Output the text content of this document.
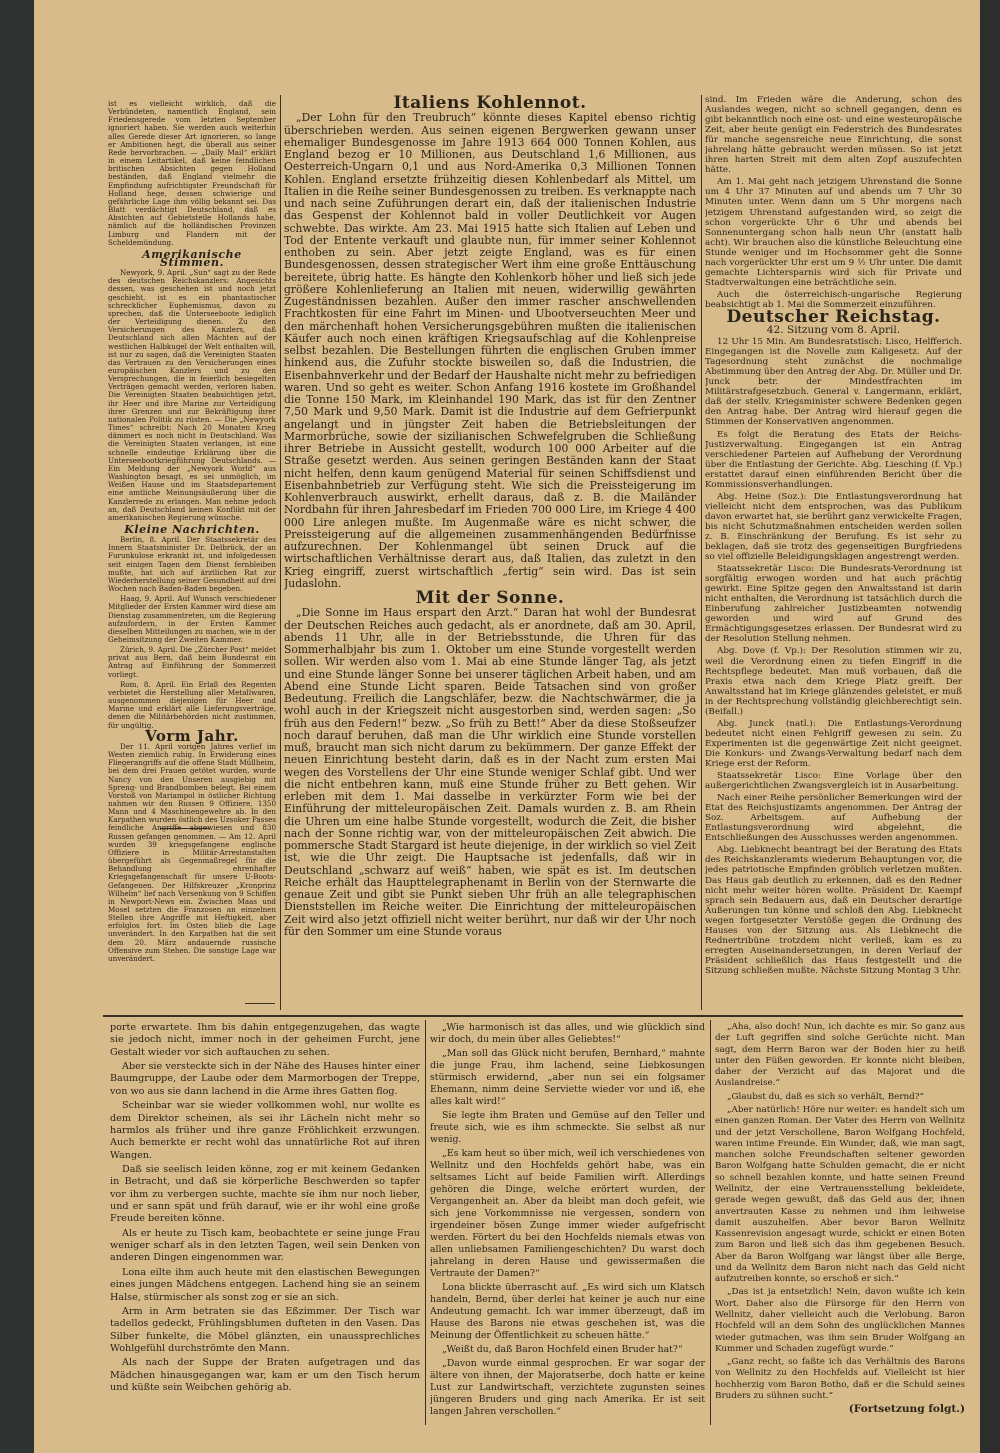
ist es vielleicht wirklich, daß die Verbündeten, namentlich England, sein Friedensgerede vom letzten September ignoriert haben. Sie werden auch weiterhin alles Gerede dieser Art ignorieren, so lange er Ambitionen hegt, die überall aus seiner Rede hervorbrachen. — „Daily Mail“ erklärt in einem Leitartikel, daß keine feindlichen britischen Absichten gegen Holland beständen, daß England vielmehr die Empfindung aufrichtigster Freundschaft für Holland hege, dessen schwierige und gefährliche Lage ihm völlig bekannt sei. Das Blatt verdächtigt Deutschland, daß es Absichten auf Gebietsteile Hollands habe, nämlich auf die holländischen Provinzen Limburg und Flandern mit der Scheldemündung.

Amerikanische Stimmen.

Newyork, 9. April. „Sun“ sagt zu der Rede des deutschen Reichskanzlers: Angesichts dessen, was geschehen ist und noch jetzt geschieht, ist es ein phantastischer schrecklicher Euphemismus, davon zu sprechen, daß die Unterseeboote lediglich der Verteidigung dienen. Zu den Versicherungen des Kanzlers, daß Deutschland sich allen Mächten auf der westlichen Halbkugel der Welt enthalten will, ist nur zu sagen, daß die Vereinigten Staaten das Vertrauen zu den Versicherungen eines europäischen Kanzlers und zu den Versprechungen, die in feierlich besiegelten Verträgen gemacht werden, verloren haben. Die Vereinigten Staaten beabsichtigen jetzt, ihr Heer und ihre Marine zur Verteidigung ihrer Grenzen und zur Bekräftigung ihrer nationalen Politik zu rüsten. — Die „Newyork Times“ schreibt: Nach 20 Monaten Krieg dämmert es noch nicht in Deutschland. Was die Vereinigten Staaten verlangen, ist eine schnelle eindeutige Erklärung über die Unterseebootkriegführung Deutschlands. — Ein Meldung der „Newyork World“ aus Washington besagt, es sei unmöglich, im Weißen Hause und im Staatsdepartement eine amtliche Meinungsäußerung über die Kanzlerrede zu erlangen. Man nehme jedoch an, daß Deutschland keinen Konflikt mit der amerikanischen Regierung wünsche.

Kleine Nachrichten.

Berlin, 8. April. Der Staatssekretär des Innern Staatsminister Dr. Delbrück, der an Furunkulose erkrankt ist, und infolgedessen seit einigen Tagen dem Dienst fernbleiben mußte, hat sich auf ärztlichen Rat zur Wiederherstellung seiner Gesundheit auf drei Wochen nach Baden-Baden begeben.

Haag, 9. April. Auf Wunsch verschiedener Mitglieder der Ersten Kammer wird diese am Dienstag zusammentreten, um die Regierung aufzufordern, in der Ersten Kammer dieselben Mitteilungen zu machen, wie in der Geheimsitzung der Zweiten Kammer.

Zürich, 9. April. Die „Zürcher Post“ meldet privat aus Bern, daß beim Bundesrat ein Antrag auf Einführung der Sommerzeit vorliegt.

Rom, 8. April. Ein Erlaß des Regenten verbietet die Herstellung aller Metallwaren, ausgenommen diejenigen für Heer und Marine und erklärt alle Lieferungsverträge, denen die Militärbehörden nicht zustimmen, für ungültig.

Vorm Jahr.

Der 11. April vorigen Jahres verlief im Westen ziemlich ruhig. In Erwiderung eines Fliegerangriffs auf die offene Stadt Müllheim, bei dem drei Frauen getötet wurden, wurde Nancy von den Unseren ausgiebig mit Spreng- und Brandbomben belegt. Bei einem Vorstoß von Mariampol in östlicher Richtung nahmen wir den Russen 9 Offiziere, 1350 Mann und 4 Maschinengewehre ab. In den Karpathen wurden östlich des Uzsoker Passes feindliche Angriffe abgewiesen und 830 Russen gefangen genommen. — Am 12. April wurden 39 kriegsgefangene englische Offiziere in Militär-Arrestanstalten übergeführt als Gegenmaßregel für die Behandlung ehrenhafter Kriegsgefangenschaft für unsere U-Boots-Gefangenen. Der Hilfskreuzer „Kronprinz Wilhelm“ lief nach Versenkung von 9 Schiffen in Newport-News ein. Zwischen Maas und Mosel setzten die Franzosen an einzelnen Stellen ihre Angriffe mit Heftigkeit, aber erfolglos fort. Im Osten blieb die Lage unverändert. In den Karpathen hat die seit dem 20. März andauernde russische Offensive zum Stehen. Die sonstige Lage war unverändert.

Italiens Kohlennot.

„Der Lohn für den Treubruch“ könnte dieses Kapitel ebenso richtig überschrieben werden. Aus seinen eigenen Bergwerken gewann unser ehemaliger Bundesgenosse im Jahre 1913 664 000 Tonnen Kohlen, aus England bezog er 10 Millionen, aus Deutschland 1,6 Millionen, aus Oesterreich-Ungarn 0,1 und aus Nord-Amerika 0,3 Millionen Tonnen Kohlen. England ersetzte frühzeitig diesen Kohlenbedarf als Mittel, um Italien in die Reihe seiner Bundesgenossen zu treiben. Es verknappte nach und nach seine Zuführungen derart ein, daß der italienischen Industrie das Gespenst der Kohlennot bald in voller Deutlichkeit vor Augen schwebte. Das wirkte. Am 23. Mai 1915 hatte sich Italien auf Leben und Tod der Entente verkauft und glaubte nun, für immer seiner Kohlennot enthoben zu sein. Aber jetzt zeigte England, was es für einen Bundesgenossen, dessen strategischer Wert ihm eine große Enttäuschung bereitete, übrig hatte. Es hängte den Kohlenkorb höher und ließ sich jede größere Kohlenlieferung an Italien mit neuen, widerwillig gewährten Zugeständnissen bezahlen. Außer den immer rascher anschwellenden Frachtkosten für eine Fahrt im Minen- und Ubootverseuchten Meer und den märchenhaft hohen Versicherungsgebühren mußten die italienischen Käufer auch noch einen kräftigen Kriegsaufschlag auf die Kohlenpreise selbst bezahlen. Die Bestellungen führten die englischen Gruben immer hinkend aus, die Zufuhr stockte bisweilen so, daß die Industrien, die Eisenbahnverkehr und der Bedarf der Haushalte nicht mehr zu befriedigen waren. Und so geht es weiter. Schon Anfang 1916 kostete im Großhandel die Tonne 150 Mark, im Kleinhandel 190 Mark, das ist für den Zentner 7,50 Mark und 9,50 Mark. Damit ist die Industrie auf dem Gefrierpunkt angelangt und in jüngster Zeit haben die Betriebsleitungen der Marmorbrüche, sowie der sizilianischen Schwefelgruben die Schließung ihrer Betriebe in Aussicht gestellt, wodurch 100 000 Arbeiter auf die Straße gesetzt werden. Aus seinen geringen Beständen kann der Staat nicht helfen, denn kaum genügend Material für seinen Schiffsdienst und Eisenbahnbetrieb zur Verfügung steht. Wie sich die Preissteigerung im Kohlenverbrauch auswirkt, erhellt daraus, daß z. B. die Mailänder Nordbahn für ihren Jahresbedarf im Frieden 700 000 Lire, im Kriege 4 400 000 Lire anlegen mußte. Im Augenmaße wäre es nicht schwer, die Preissteigerung auf die allgemeinen zusammenhängenden Bedürfnisse aufzurechnen. Der Kohlenmangel übt seinen Druck auf die wirtschaftlichen Verhältnisse derart aus, daß Italien, das zuletzt in den Krieg eingriff, zuerst wirtschaftlich „fertig“ sein wird. Das ist sein Judaslohn.

Mit der Sonne.

„Die Sonne im Haus erspart den Arzt.“ Daran hat wohl der Bundesrat der Deutschen Reiches auch gedacht, als er anordnete, daß am 30. April, abends 11 Uhr, alle in der Betriebsstunde, die Uhren für das Sommerhalbjahr bis zum 1. Oktober um eine Stunde vorgestellt werden sollen. Wir werden also vom 1. Mai ab eine Stunde länger Tag, als jetzt und eine Stunde länger Sonne bei unserer täglichen Arbeit haben, und am Abend eine Stunde Licht sparen. Beide Tatsachen sind von großer Bedeutung. Freilich die Langschläfer, bezw. die Nachtschwärmer, die ja wohl auch in der Kriegszeit nicht ausgestorben sind, werden sagen: „So früh aus den Federn!“ bezw. „So früh zu Bett!“ Aber da diese Stoßseufzer noch darauf beruhen, daß man die Uhr wirklich eine Stunde vorstellen muß, braucht man sich nicht darum zu bekümmern. Der ganze Effekt der neuen Einrichtung besteht darin, daß es in der Nacht zum ersten Mai wegen des Vorstellens der Uhr eine Stunde weniger Schlaf gibt. Und wer die nicht entbehren kann, muß eine Stunde früher zu Bett gehen. Wir erleben mit dem 1. Mai dasselbe in verkürzter Form wie bei der Einführung der mitteleuropäischen Zeit. Damals wurden z. B. am Rhein die Uhren um eine halbe Stunde vorgestellt, wodurch die Zeit, die bisher nach der Sonne richtig war, von der mitteleuropäischen Zeit abwich. Die pommersche Stadt Stargard ist heute diejenige, in der wirklich so viel Zeit ist, wie die Uhr zeigt. Die Hauptsache ist jedenfalls, daß wir in Deutschland „schwarz auf weiß“ haben, wie spät es ist. Im deutschen Reiche erhält das Haupttelegraphenamt in Berlin von der Sternwarte die genaue Zeit und gibt sie Punkt sieben Uhr früh an alle telegraphischen Dienststellen im Reiche weiter. Die Einrichtung der mitteleuropäischen Zeit wird also jetzt offiziell nicht weiter berührt, nur daß wir der Uhr noch für den Sommer um eine Stunde voraus

sind. Im Frieden wäre die Änderung, schon des Auslandes wegen, nicht so schnell gegangen, denn es gibt bekanntlich noch eine ost- und eine westeuropäische Zeit, aber heute genügt ein Federstrich des Bundesrates für manche segensreiche neue Einrichtung, die sonst jahrelang hätte gebraucht werden müssen. So ist jetzt ihren harten Streit mit dem alten Zopf auszufechten hätte.

Am 1. Mai geht nach jetzigem Uhrenstand die Sonne um 4 Uhr 37 Minuten auf und abends um 7 Uhr 30 Minuten unter. Wenn dann um 5 Uhr morgens nach jetzigem Uhrenstand aufgestanden wird, so zeigt die schon vorgerückte Uhr 6 Uhr und abends bei Sonnenuntergang schon halb neun Uhr (anstatt halb acht). Wir brauchen also die künstliche Beleuchtung eine Stunde weniger und im Hochsommer geht die Sonne nach vorgerückter Uhr erst um 9 ½ Uhr unter. Die damit gemachte Lichtersparnis wird sich für Private und Stadtverwaltungen eine beträchtliche sein.

Auch die österreichisch-ungarische Regierung beabsichtigt ab 1. Mai die Sommerzeit einzuführen.

Deutscher Reichstag.
42. Sitzung vom 8. April.

12 Uhr 15 Min. Am Bundesratstisch: Lisco, Helfferich. Eingegangen ist die Novelle zum Kaligesetz. Auf der Tagesordnung steht zunächst die nochmalige Abstimmung über den Antrag der Abg. Dr. Müller und Dr. Junck betr. der Mindestfrachten im Militärstrafgesetzbuch. General v. Langermann, erklärt, daß der stellv. Kriegsminister schwere Bedenken gegen den Antrag habe. Der Antrag wird hierauf gegen die Stimmen der Konservativen angenommen.

Es folgt die Beratung des Etats der Reichs-Justizverwaltung. Eingegangen ist ein Antrag verschiedener Parteien auf Aufhebung der Verordnung über die Entlastung der Gerichte. Abg. Liesching (f. Vp.) erstattet darauf einen einführenden Bericht über die Kommissionsverhandlungen.

Abg. Heine (Soz.): Die Entlastungsverordnung hat vielleicht nicht dem entsprochen, was das Publikum davon erwartet hat, sie berührt ganz verwickelte Fragen, bis nicht Schutzmaßnahmen entscheiden werden sollen z. B. Einschränkung der Berufung. Es ist sehr zu beklagen, daß sie trotz des gegenseitigen Burgfriedens so viel offizielle Beleidigungsklagen angestrengt werden.

Staatssekretär Lisco: Die Bundesrats-Verordnung ist sorgfältig erwogen worden und hat auch prächtig gewirkt. Eine Spitze gegen den Anwaltsstand ist darin nicht enthalten, die Verordnung ist tatsächlich durch die Einberufung zahlreicher Justizbeamten notwendig geworden und wird auf Grund des Ermächtigungsgesetzes erlassen. Der Bundesrat wird zu der Resolution Stellung nehmen.

Abg. Dove (f. Vp.): Der Resolution stimmen wir zu, weil die Verordnung einen zu tiefen Eingriff in die Rechtspflege bedeutet. Man muß vorbauen, daß die Praxis etwa nach dem Kriege Platz greift. Der Anwaltsstand hat im Kriege glänzendes geleistet, er muß in der Rechtsprechung vollständig gleichberechtigt sein. (Beifall.)

Abg. Junck (natl.): Die Entlastungs-Verordnung bedeutet nicht einen Fehlgriff gewesen zu sein. Zu Experimenten ist die gegenwärtige Zeit nicht geeignet. Die Konkurs- und Zwangs-Verwaltung bedarf nach dem Kriege erst der Reform.

Staatssekretär Lisco: Eine Vorlage über den außergerichtlichen Zwangsvergleich ist in Ausarbeitung.

Nach einer Reihe persönlicher Bemerkungen wird der Etat des Reichsjustizamts angenommen. Der Antrag der Soz. Arbeitsgem. auf Aufhebung der Entlastungsverordnung wird abgelehnt, die Entschließungen des Ausschusses werden angenommen.

Abg. Liebknecht beantragt bei der Beratung des Etats des Reichskanzleramts wiederum Behauptungen vor, die jedes patriotische Empfinden gröblich verletzen mußten. Das Haus gab deutlich zu erkennen, daß es den Redner nicht mehr weiter hören wollte. Präsident Dr. Kaempf sprach sein Bedauern aus, daß ein Deutscher derartige Äußerungen tun könne und schloß den Abg. Liebknecht wegen fortgesetzter Verstöße gegen die Ordnung des Hauses von der Sitzung aus. Als Liebknecht die Rednertribüne trotzdem nicht verließ, kam es zu erregten Auseinandersetzungen, in deren Verlauf der Präsident schließlich das Haus festgestellt und die Sitzung schließen mußte. Nächste Sitzung Montag 3 Uhr.

porte erwartete. Ihm bis dahin entgegenzugehen, das wagte sie jedoch nicht, immer noch in der geheimen Furcht, jene Gestalt wieder vor sich auftauchen zu sehen.

Aber sie versteckte sich in der Nähe des Hauses hinter einer Baumgruppe, der Laube oder dem Marmorbogen der Treppe, von wo aus sie dann lachend in die Arme ihres Gatten flog.

Scheinbar war sie wieder vollkommen wohl, nur wollte es dem Direktor scheinen, als sei ihr Lächeln nicht mehr so harmlos als früher und ihre ganze Fröhlichkeit erzwungen. Auch bemerkte er recht wohl das unnatürliche Rot auf ihren Wangen.

Daß sie seelisch leiden könne, zog er mit keinem Gedanken in Betracht, und daß sie körperliche Beschwerden so tapfer vor ihm zu verbergen suchte, machte sie ihm nur noch lieber, und er sann spät und früh darauf, wie er ihr wohl eine große Freude bereiten könne.

Als er heute zu Tisch kam, beobachtete er seine junge Frau weniger scharf als in den letzten Tagen, weil sein Denken von anderen Dingen eingenommen war.

Lona eilte ihm auch heute mit den elastischen Bewegungen eines jungen Mädchens entgegen. Lachend hing sie an seinem Halse, stürmischer als sonst zog er sie an sich.

Arm in Arm betraten sie das Eßzimmer. Der Tisch war tadellos gedeckt, Frühlingsblumen dufteten in den Vasen. Das Silber funkelte, die Möbel glänzten, ein unaussprechliches Wohlgefühl durchströmte den Mann.

Als nach der Suppe der Braten aufgetragen und das Mädchen hinausgegangen war, kam er um den Tisch herum und küßte sein Weibchen gehörig ab.

„Wie harmonisch ist das alles, und wie glücklich sind wir doch, du mein über alles Geliebtes!“

„Man soll das Glück nicht berufen, Bernhard,“ mahnte die junge Frau, ihm lachend, seine Liebkosungen stürmisch erwidernd, „aber nun sei ein folgsamer Ehemann, nimm deine Serviette wieder vor und iß, ehe alles kalt wird!“

Sie legte ihm Braten und Gemüse auf den Teller und freute sich, wie es ihm schmeckte. Sie selbst aß nur wenig.

„Es kam heut so über mich, weil ich verschiedenes von Wellnitz und den Hochfelds gehört habe, was ein seltsames Licht auf beide Familien wirft. Allerdings gehören die Dinge, welche erörtert wurden, der Vergangenheit an. Aber da bleibt man doch gefeit, wie sich jene Vorkommnisse nie vergessen, sondern von irgendeiner bösen Zunge immer wieder aufgefrischt werden. Förtert du bei den Hochfelds niemals etwas von allen unliebsamen Familiengeschichten? Du warst doch jahrelang in deren Hause und gewissermaßen die Vertraute der Damen?“

Lona blickte überrascht auf. „Es wird sich um Klatsch handeln, Bernd, über derlei hat keiner je auch nur eine Andeutung gemacht. Ich war immer überzeugt, daß im Hause des Barons nie etwas geschehen ist, was die Meinung der Öffentlichkeit zu scheuen hätte.“

„Weißt du, daß Baron Hochfeld einen Bruder hat?“

„Davon wurde einmal gesprochen. Er war sogar der ältere von ihnen, der Majoratserbe, doch hatte er keine Lust zur Landwirtschaft, verzichtete zugunsten seines jüngeren Bruders und ging nach Amerika. Er ist seit langen Jahren verschollen.“

„Aha, also doch! Nun, ich dachte es mir. So ganz aus der Luft gegriffen sind solche Gerüchte nicht. Man sagt, dem Herrn Baron war der Boden hier zu heiß unter den Füßen geworden. Er konnte nicht bleiben, daher der Verzicht auf das Majorat und die Auslandreise.“

„Glaubst du, daß es sich so verhält, Bernd?“

„Aber natürlich! Höre nur weiter: es handelt sich um einen ganzen Roman. Der Vater des Herrn von Wellnitz und der jetzt Verschollene, Baron Wolfgang Hochfeld, waren intime Freunde. Ein Wunder, daß, wie man sagt, manchen solche Freundschaften seltener geworden Baron Wolfgang hatte Schulden gemacht, die er nicht so schnell bezahlen konnte, und hatte seinen Freund Wellnitz, der eine Vertrauensstellung bekleidete, gerade wegen gewußt, daß das Geld aus der, ihnen anvertrauten Kasse zu nehmen und ihm leihweise damit auszuhelfen. Aber bevor Baron Wellnitz Kassenrevision angesagt wurde, schickt er einen Boten zum Baron und ließ sich das ihm gegebenen Besuch. Aber da Baron Wolfgang war längst über alle Berge, und da Wellnitz dem Baron nicht nach das Geld nicht aufzutreiben konnte, so erschoß er sich.“

„Das ist ja entsetzlich! Nein, davon wußte ich kein Wort. Daher also die Fürsorge für den Herrn von Wellnitz, daher vielleicht auch die Verlobung. Baron Hochfeld will an dem Sohn des unglücklichen Mannes wieder gutmachen, was ihm sein Bruder Wolfgang an Kummer und Schaden zugefügt wurde.“

„Ganz recht, so faßte ich das Verhältnis des Barons von Wellnitz zu den Hochfelds auf. Vielleicht ist hier hochherzig vom Baron Botho, daß er die Schuld seines Bruders zu sühnen sucht.“

(Fortsetzung folgt.)
